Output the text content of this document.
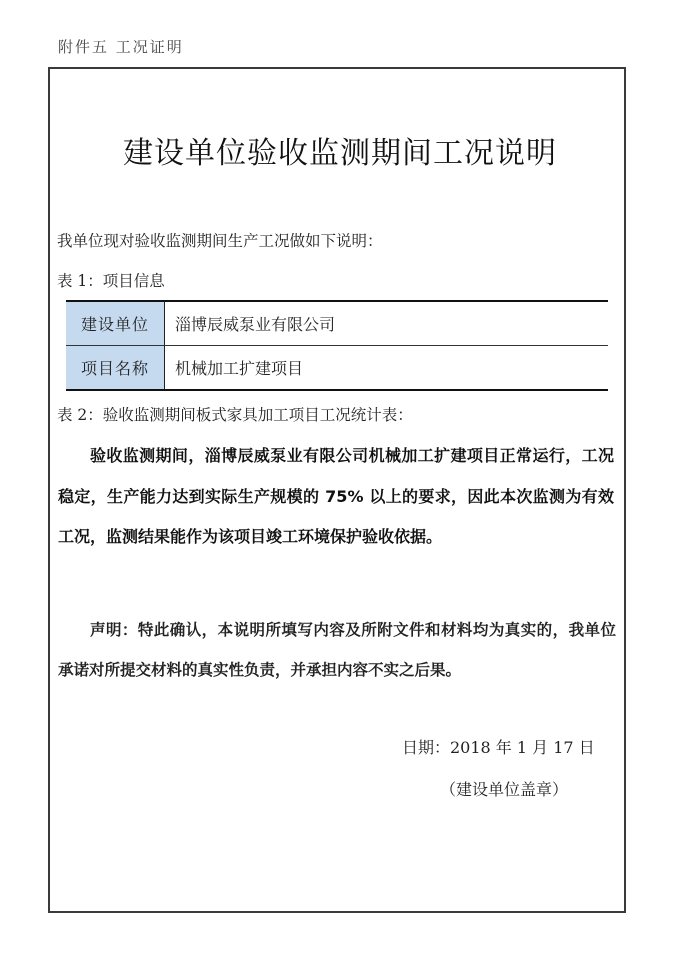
附件五 工况证明
建设单位验收监测期间工况说明
我单位现对验收监测期间生产工况做如下说明：
表 1：项目信息
建设单位	淄博辰威泵业有限公司
项目名称	机械加工扩建项目
表 2：验收监测期间板式家具加工项目工况统计表：
验收监测期间，淄博辰威泵业有限公司机械加工扩建项目正常运行，工况稳定，生产能力达到实际生产规模的 75% 以上的要求，因此本次监测为有效工况，监测结果能作为该项目竣工环境保护验收依据。
声明：特此确认，本说明所填写内容及所附文件和材料均为真实的，我单位承诺对所提交材料的真实性负责，并承担内容不实之后果。
日期：2018 年 1 月 17 日
（建设单位盖章）
